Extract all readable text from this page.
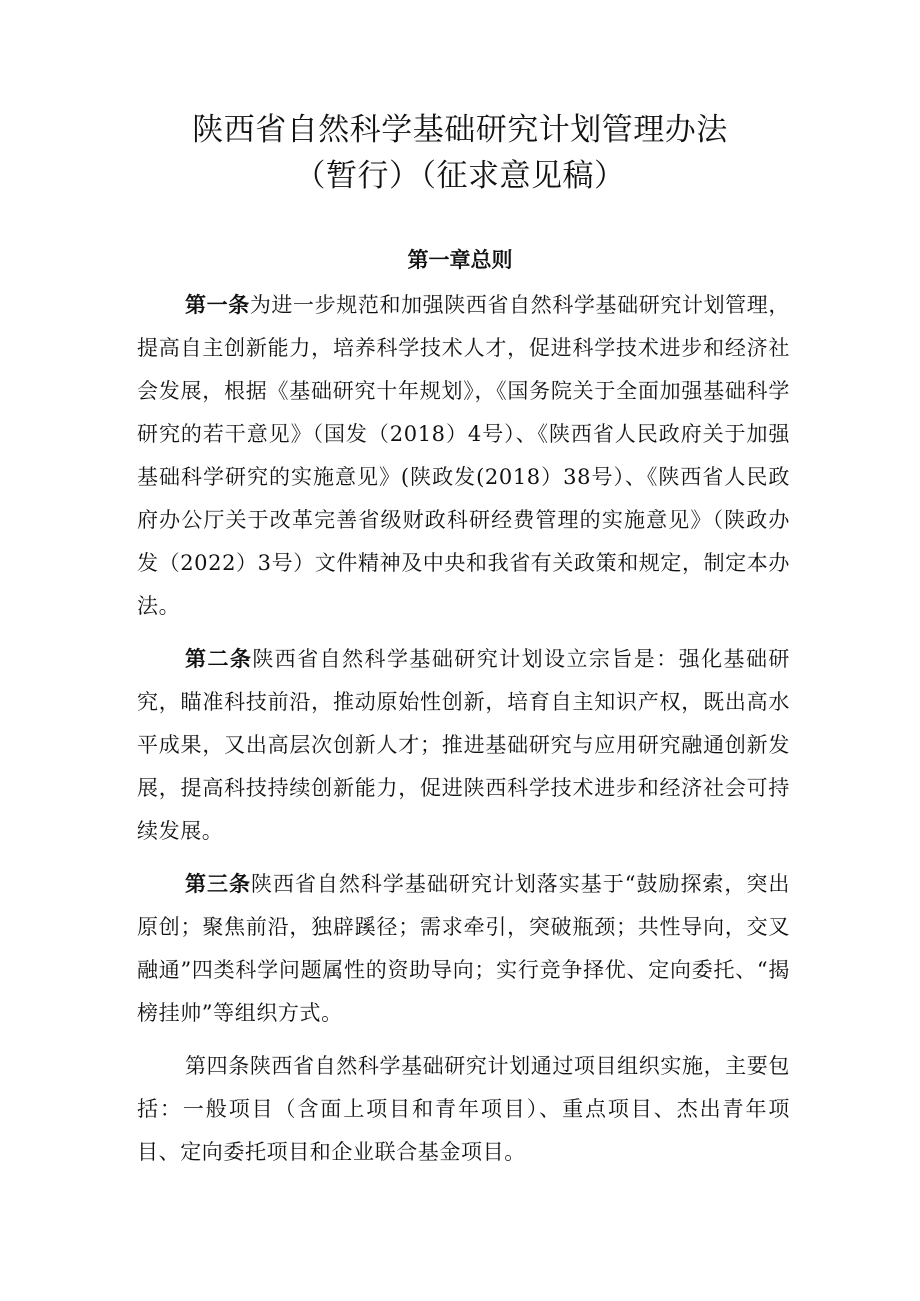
陕西省自然科学基础研究计划管理办法
（暂行）（征求意见稿）
第一章总则

第一条为进一步规范和加强陕西省自然科学基础研究计划管理，提高自主创新能力，培养科学技术人才，促进科学技术进步和经济社会发展，根据《基础研究十年规划》，《国务院关于全面加强基础科学研究的若干意见》（国发（2018）4号）、《陕西省人民政府关于加强基础科学研究的实施意见》(陕政发(2018）38号）、《陕西省人民政府办公厅关于改革完善省级财政科研经费管理的实施意见》（陕政办发（2022）3号）文件精神及中央和我省有关政策和规定，制定本办法。

第二条陕西省自然科学基础研究计划设立宗旨是：强化基础研究，瞄准科技前沿，推动原始性创新，培育自主知识产权，既出高水平成果，又出高层次创新人才；推进基础研究与应用研究融通创新发展，提高科技持续创新能力，促进陕西科学技术进步和经济社会可持续发展。

第三条陕西省自然科学基础研究计划落实基于“鼓励探索，突出原创；聚焦前沿，独辟蹊径；需求牵引，突破瓶颈；共性导向，交叉融通”四类科学问题属性的资助导向；实行竞争择优、定向委托、“揭榜挂帅”等组织方式。

第四条陕西省自然科学基础研究计划通过项目组织实施，主要包括：一般项目（含面上项目和青年项目）、重点项目、杰出青年项目、定向委托项目和企业联合基金项目。
